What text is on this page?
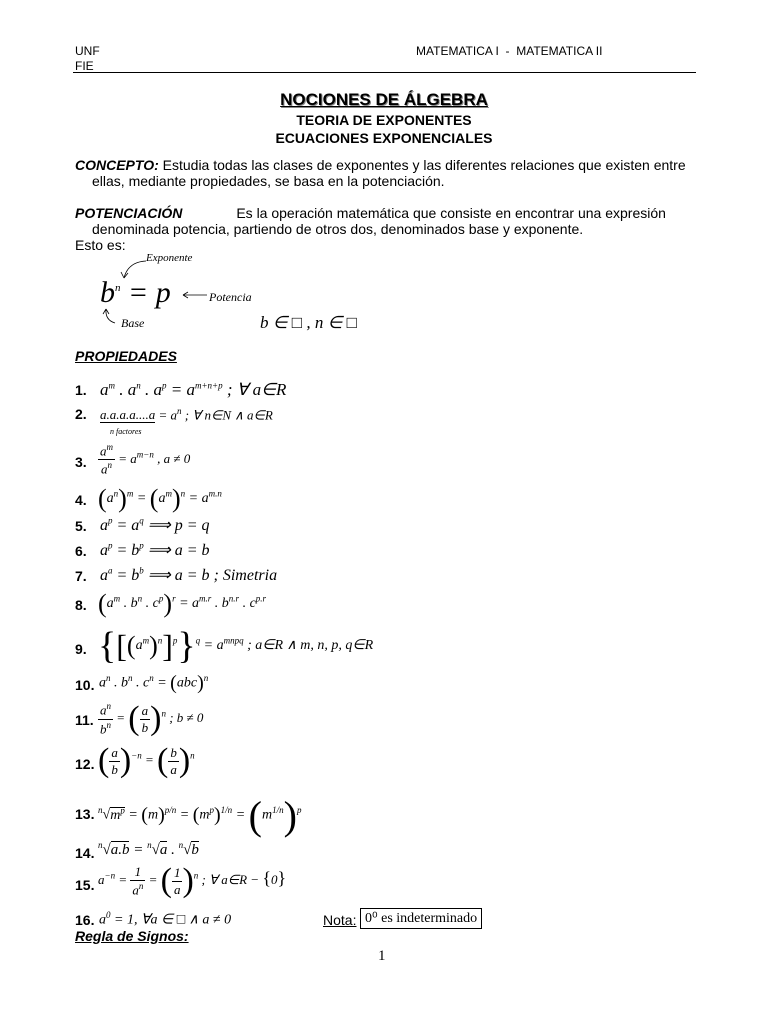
UNF
FIE
MATEMATICA I  -  MATEMATICA II
NOCIONES DE ÁLGEBRA
TEORIA DE EXPONENTES
ECUACIONES EXPONENCIALES
CONCEPTO: Estudia todas las clases de exponentes y las diferentes relaciones que existen entre
ellas, mediante propiedades, se basa en la potenciación.
POTENCIACIÓN	Es la operación matemática que consiste en encontrar una expresión
denominada potencia, partiendo de otros dos, denominados base y exponente.
Esto es:
Exponente
$b^n = p$	Potencia
Base	b ∈ □ , n ∈ □
PROPIEDADES
1. $a^m$ . $a^n$ . $a^p = a^{m+n+p}$ ; ∀ a∈R
2. $a.a.a.a....a = a^n$ ; ∀ n∈N ∧ a∈R
n factores
3. $\frac{a^m}{a^n} = a^{m-n}$ , a ≠ 0
4. $(a^n)^m = (a^m)^n = a^{m.n}$
5. $a^p = a^q$ ⟹ p = q
6. $a^p = b^p$ ⟹ a = b
7. $a^a = b^b$ ⟹ a = b ; Simetria
8. ($a^m$ . $b^n$ . $c^p)^r = a^{m.r}$ . $b^{n.r}$ . $c^{p.r}$
9. $\{[(a^m)^n]^p\}^q = a^{mnpq}$ ; a∈R ∧ m, n, p, q∈R
10. $a^n$ . $b^n$ . $c^n = (abc)^n$
11. $\frac{a^n}{b^n}$ = ( $\frac{a}{b} )^n$ ; b ≠ 0
12. ( $\frac{a}{b} )^{-n}$ = ( $\frac{b}{a} )^n$
13. $^n√m^p = (m)^{p/n} = (m^p)^{1/n} = (m^{1/n})^p$
14. $^n$√a.b = $^n$√a . $^n$√b
15. $a^{-n} = \frac{1}{a^n}$ = ( $\frac{1}{a} )^n$ ; ∀ a∈R − {0}
16. $a^0 = 1$, ∀a ∈ □ ∧ a ≠ 0	Nota: 0⁰ es indeterminado
Regla de Signos:
1
